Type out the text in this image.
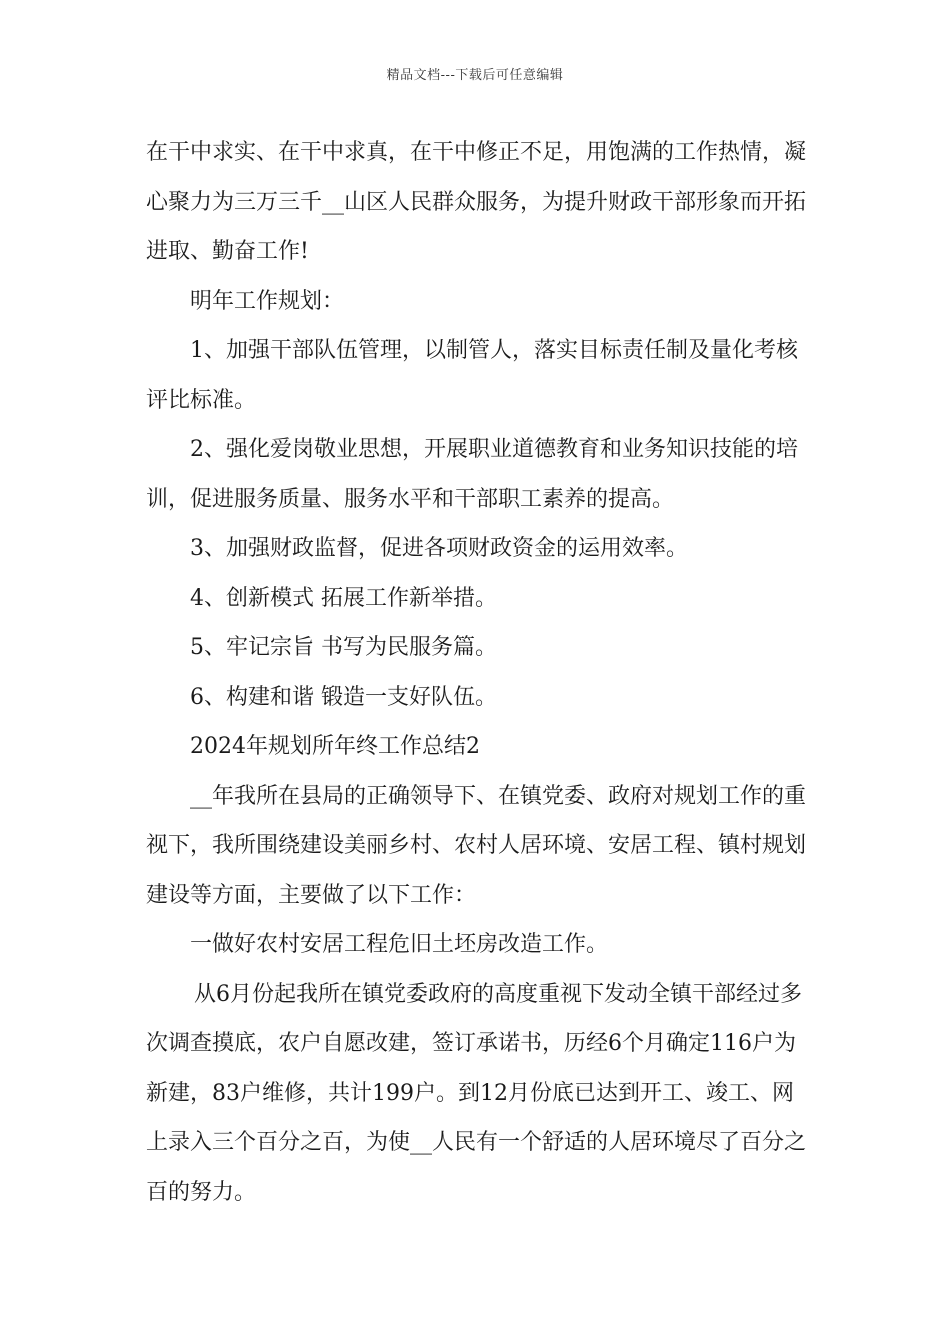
精品文档---下载后可任意编辑

在干中求实、在干中求真，在干中修正不足，用饱满的工作热情，凝心聚力为三万三千__山区人民群众服务，为提升财政干部形象而开拓进取、勤奋工作!

明年工作规划：

1、加强干部队伍管理，以制管人，落实目标责任制及量化考核评比标准。

2、强化爱岗敬业思想，开展职业道德教育和业务知识技能的培训，促进服务质量、服务水平和干部职工素养的提高。

3、加强财政监督，促进各项财政资金的运用效率。

4、创新模式 拓展工作新举措。

5、牢记宗旨 书写为民服务篇。

6、构建和谐 锻造一支好队伍。

2024年规划所年终工作总结2

__年我所在县局的正确领导下、在镇党委、政府对规划工作的重视下，我所围绕建设美丽乡村、农村人居环境、安居工程、镇村规划建设等方面，主要做了以下工作：

一做好农村安居工程危旧土坯房改造工作。

从6月份起我所在镇党委政府的高度重视下发动全镇干部经过多次调查摸底，农户自愿改建，签订承诺书，历经6个月确定116户为新建，83户维修，共计199户。到12月份底已达到开工、竣工、网上录入三个百分之百，为使__人民有一个舒适的人居环境尽了百分之百的努力。
